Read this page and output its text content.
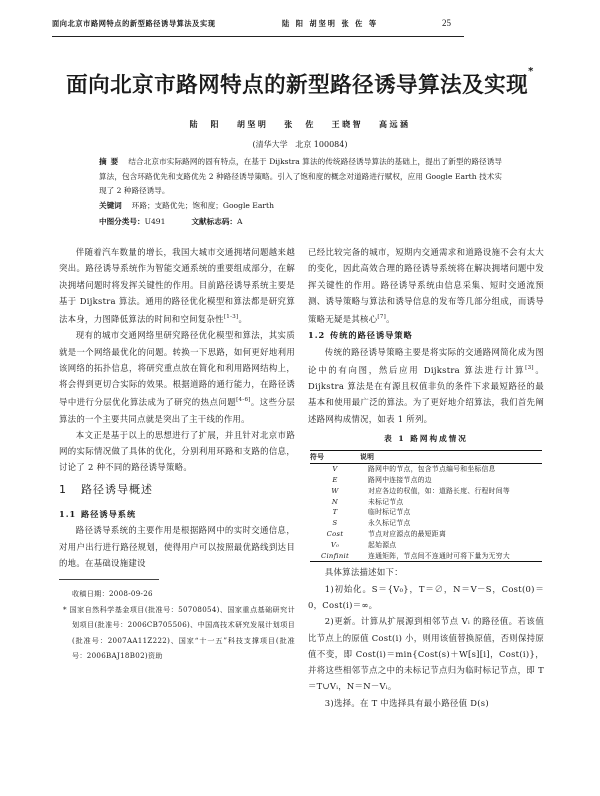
面向北京市路网特点的新型路径诱导算法及实现	陆 阳 胡坚明 张 佐 等	25
面向北京市路网特点的新型路径诱导算法及实现*
陆  阳   胡坚明   张  佐   王晓智   高远涵
(清华大学   北京 100084)
摘要 结合北京市实际路网的固有特点，在基于 Dijkstra 算法的传统路径诱导算法的基础上，提出了新型的路径诱导算法，包含环路优先和支路优先 2 种路径诱导策略。引入了饱和度的概念对道路进行赋权，应用 Google Earth 技术实现了 2 种路径诱导。
关键词 环路；支路优先；饱和度；Google Earth
中图分类号：U491	文献标志码：A

伴随着汽车数量的增长，我国大城市交通拥堵问题越来越突出。路径诱导系统作为智能交通系统的重要组成部分，在解决拥堵问题时将发挥关键性的作用。目前路径诱导系统主要是基于 Dijkstra 算法。通用的路径优化模型和算法都是研究算法本身，力图降低算法的时间和空间复杂性[1-3]。

现有的城市交通网络里研究路径优化模型和算法，其实质就是一个网络最优化的问题。转换一下思路，如何更好地利用该网络的拓扑信息，将研究重点放在简化和利用路网结构上，将会得到更切合实际的效果。根据道路的通行能力，在路径诱导中进行分层优化算法成为了研究的热点问题[4-6]。这些分层算法的一个主要共同点就是突出了主干线的作用。

本文正是基于以上的思想进行了扩展，并且针对北京市路网的实际情况做了具体的优化，分别利用环路和支路的信息，讨论了 2 种不同的路径诱导策略。

1 路径诱导概述
1.1 路径诱导系统

路径诱导系统的主要作用是根据路网中的实时交通信息，对用户出行进行路径规划，使得用户可以按照最优路线到达目的地。在基础设施建设

收稿日期：2008-09-26
* 国家自然科学基金项目(批准号：50708054)、国家重点基础研究计划项目(批准号：2006CB705506)、中国高技术研究发展计划项目(批准号：2007AA11Z222)、国家“十一五”科技支撑项目(批准号：2006BAJ18B02)资助

已经比较完备的城市，短期内交通需求和道路设施不会有太大的变化，因此高效合理的路径诱导系统将在解决拥堵问题中发挥关键性的作用。路径诱导系统由信息采集、短时交通流预测、诱导策略与算法和诱导信息的发布等几部分组成，而诱导策略无疑是其核心[7]。

1.2 传统的路径诱导策略

传统的路径诱导策略主要是将实际的交通路网简化成为图论中的有向图，然后应用 Dijkstra 算法进行计算[3]。Dijkstra 算法是在有源且权值非负的条件下求最短路径的最基本和使用最广泛的算法。为了更好地介绍算法，我们首先阐述路网构成情况，如表 1 所列。

表 1 路网构成情况
符号	说明
V	路网中的节点，包含节点编号和坐标信息
E	路网中连接节点的边
W	对应各边的权值，如：道路长度、行程时间等
N	未标记节点
T	临时标记节点
S	永久标记节点
Cost	节点对应源点的最短距离
V₀	起始源点
Cinfinit	连通矩阵，节点间不连通时可将下量为无穷大

具体算法描述如下：

1)初始化。S＝{V₀}，T＝∅，N＝V－S，Cost(0)＝0，Cost(i)＝∞。

2)更新。计算从扩展源到相邻节点 Vᵢ 的路径值。若该值比节点上的原值 Cost(i) 小，则用该值替换原值，否则保持原值不变，即 Cost(i)＝min{Cost(s)＋W[s][i]，Cost(i)}，并将这些相邻节点之中的未标记节点归为临时标记节点，即 T＝T∪Vᵢ，N＝N－Vᵢ。

3)选择。在 T 中选择具有最小路径值 D(s)
